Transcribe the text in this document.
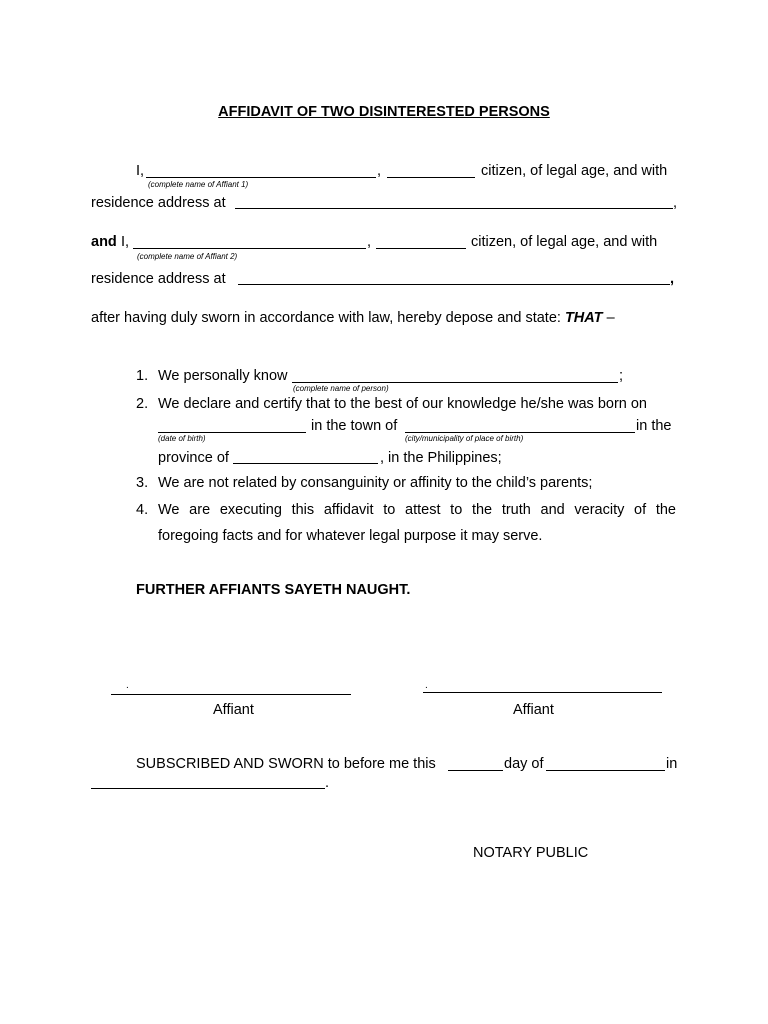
AFFIDAVIT OF TWO DISINTERESTED PERSONS
I,	,	citizen, of legal age, and with
(complete name of Affiant 1)
residence address at	,
and I,	,	citizen, of legal age, and with
(complete name of Affiant 2)
residence address at	,
after having duly sworn in accordance with law, hereby depose and state: THAT –
1. We personally know	;
(complete name of person)
2. We declare and certify that to the best of our knowledge he/she was born on
in the town of	in the
(date of birth)	(city/municipality of place of birth)
province of	, in the Philippines;
3. We are not related by consanguinity or affinity to the child’s parents;
4. We are executing this affidavit to attest to the truth and veracity of the
foregoing facts and for whatever legal purpose it may serve.
FURTHER AFFIANTS SAYETH NAUGHT.
.
Affiant
.
Affiant
SUBSCRIBED AND SWORN to before me this	day of	in
.
NOTARY PUBLIC
